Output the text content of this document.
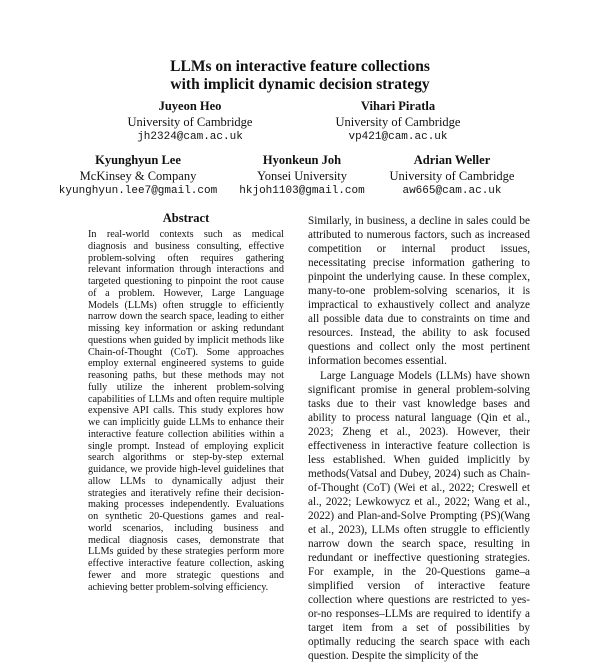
LLMs on interactive feature collections
with implicit dynamic decision strategy
Juyeon Heo
University of Cambridge
jh2324@cam.ac.uk
Vihari Piratla
University of Cambridge
vp421@cam.ac.uk
Kyunghyun Lee
McKinsey & Company
kyunghyun.lee7@gmail.com
Hyonkeun Joh
Yonsei University
hkjoh1103@gmail.com
Adrian Weller
University of Cambridge
aw665@cam.ac.uk
Abstract
In real-world contexts such as medical diagnosis and business consulting, effective problem-solving often requires gathering relevant information through interactions and targeted questioning to pinpoint the root cause of a problem. However, Large Language Models (LLMs) often struggle to efficiently narrow down the search space, leading to either missing key information or asking redundant questions when guided by implicit methods like Chain-of-Thought (CoT). Some approaches employ external engineered systems to guide reasoning paths, but these methods may not fully utilize the inherent problem-solving capabilities of LLMs and often require multiple expensive API calls. This study explores how we can implicitly guide LLMs to enhance their interactive feature collection abilities within a single prompt. Instead of employing explicit search algorithms or step-by-step external guidance, we provide high-level guidelines that allow LLMs to dynamically adjust their strategies and iteratively refine their decision-making processes independently. Evaluations on synthetic 20-Questions games and real-world scenarios, including business and medical diagnosis cases, demonstrate that LLMs guided by these strategies perform more effective interactive feature collection, asking fewer and more strategic questions and achieving better problem-solving efficiency.

Similarly, in business, a decline in sales could be attributed to numerous factors, such as increased competition or internal product issues, necessitating precise information gathering to pinpoint the underlying cause. In these complex, many-to-one problem-solving scenarios, it is impractical to exhaustively collect and analyze all possible data due to constraints on time and resources. Instead, the ability to ask focused questions and collect only the most pertinent information becomes essential.

Large Language Models (LLMs) have shown significant promise in general problem-solving tasks due to their vast knowledge bases and ability to process natural language (Qin et al., 2023; Zheng et al., 2023). However, their effectiveness in interactive feature collection is less established. When guided implicitly by methods(Vatsal and Dubey, 2024) such as Chain-of-Thought (CoT) (Wei et al., 2022; Creswell et al., 2022; Lewkowycz et al., 2022; Wang et al., 2022) and Plan-and-Solve Prompting (PS)(Wang et al., 2023), LLMs often struggle to efficiently narrow down the search space, resulting in redundant or ineffective questioning strategies. For example, in the 20-Questions game–a simplified version of interactive feature collection where questions are restricted to yes-or-no responses–LLMs are required to identify a target item from a set of possibilities by optimally reducing the search space with each question. Despite the simplicity of the
